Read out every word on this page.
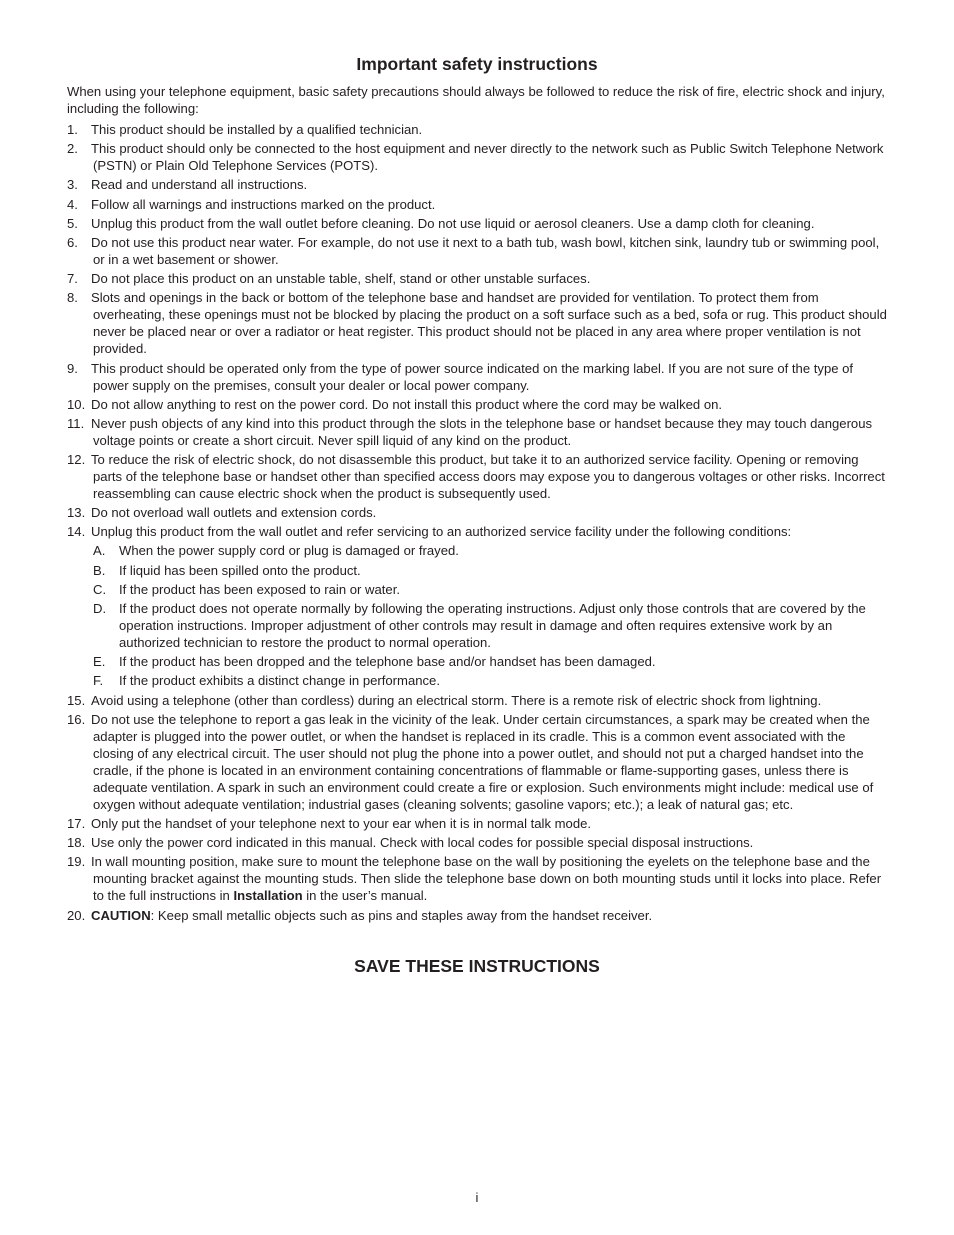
Important safety instructions
When using your telephone equipment, basic safety precautions should always be followed to reduce the risk of fire, electric shock and injury, including the following:
1. This product should be installed by a qualified technician.
2. This product should only be connected to the host equipment and never directly to the network such as Public Switch Telephone Network (PSTN) or Plain Old Telephone Services (POTS).
3. Read and understand all instructions.
4. Follow all warnings and instructions marked on the product.
5. Unplug this product from the wall outlet before cleaning. Do not use liquid or aerosol cleaners. Use a damp cloth for cleaning.
6. Do not use this product near water. For example, do not use it next to a bath tub, wash bowl, kitchen sink, laundry tub or swimming pool, or in a wet basement or shower.
7. Do not place this product on an unstable table, shelf, stand or other unstable surfaces.
8. Slots and openings in the back or bottom of the telephone base and handset are provided for ventilation. To protect them from overheating, these openings must not be blocked by placing the product on a soft surface such as a bed, sofa or rug. This product should never be placed near or over a radiator or heat register. This product should not be placed in any area where proper ventilation is not provided.
9. This product should be operated only from the type of power source indicated on the marking label. If you are not sure of the type of power supply on the premises, consult your dealer or local power company.
10. Do not allow anything to rest on the power cord. Do not install this product where the cord may be walked on.
11. Never push objects of any kind into this product through the slots in the telephone base or handset because they may touch dangerous voltage points or create a short circuit. Never spill liquid of any kind on the product.
12. To reduce the risk of electric shock, do not disassemble this product, but take it to an authorized service facility. Opening or removing parts of the telephone base or handset other than specified access doors may expose you to dangerous voltages or other risks. Incorrect reassembling can cause electric shock when the product is subsequently used.
13. Do not overload wall outlets and extension cords.
14. Unplug this product from the wall outlet and refer servicing to an authorized service facility under the following conditions:
A. When the power supply cord or plug is damaged or frayed.
B. If liquid has been spilled onto the product.
C. If the product has been exposed to rain or water.
D. If the product does not operate normally by following the operating instructions. Adjust only those controls that are covered by the operation instructions. Improper adjustment of other controls may result in damage and often requires extensive work by an authorized technician to restore the product to normal operation.
E. If the product has been dropped and the telephone base and/or handset has been damaged.
F. If the product exhibits a distinct change in performance.
15. Avoid using a telephone (other than cordless) during an electrical storm. There is a remote risk of electric shock from lightning.
16. Do not use the telephone to report a gas leak in the vicinity of the leak. Under certain circumstances, a spark may be created when the adapter is plugged into the power outlet, or when the handset is replaced in its cradle. This is a common event associated with the closing of any electrical circuit. The user should not plug the phone into a power outlet, and should not put a charged handset into the cradle, if the phone is located in an environment containing concentrations of flammable or flame-supporting gases, unless there is adequate ventilation. A spark in such an environment could create a fire or explosion. Such environments might include: medical use of oxygen without adequate ventilation; industrial gases (cleaning solvents; gasoline vapors; etc.); a leak of natural gas; etc.
17. Only put the handset of your telephone next to your ear when it is in normal talk mode.
18. Use only the power cord indicated in this manual. Check with local codes for possible special disposal instructions.
19. In wall mounting position, make sure to mount the telephone base on the wall by positioning the eyelets on the telephone base and the mounting bracket against the mounting studs. Then slide the telephone base down on both mounting studs until it locks into place. Refer to the full instructions in Installation in the user’s manual.
20. CAUTION: Keep small metallic objects such as pins and staples away from the handset receiver.
SAVE THESE INSTRUCTIONS
i
